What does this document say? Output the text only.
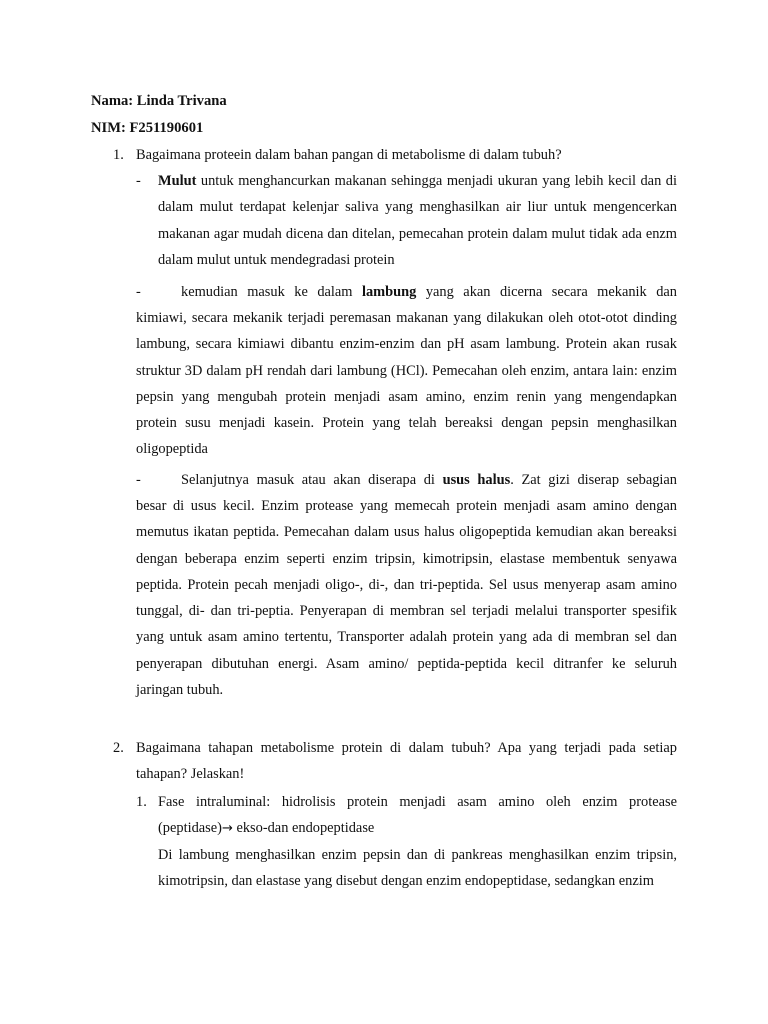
Nama: Linda Trivana
NIM: F251190601
1. Bagaimana proteein dalam bahan pangan di metabolisme di dalam tubuh?
- Mulut untuk menghancurkan makanan sehingga menjadi ukuran yang lebih kecil dan di dalam mulut terdapat kelenjar saliva yang menghasilkan air liur untuk mengencerkan makanan agar mudah dicena dan ditelan, pemecahan protein dalam mulut tidak ada enzm dalam mulut untuk mendegradasi protein
-	kemudian masuk ke dalam lambung yang akan dicerna secara mekanik dan
kimiawi, secara mekanik terjadi peremasan makanan yang dilakukan oleh otot-otot dinding lambung, secara kimiawi dibantu enzim-enzim dan pH asam lambung. Protein akan rusak struktur 3D dalam pH rendah dari lambung (HCl). Pemecahan oleh enzim, antara lain: enzim pepsin yang mengubah protein menjadi asam amino, enzim renin yang mengendapkan protein susu menjadi kasein. Protein yang telah bereaksi dengan pepsin menghasilkan oligopeptida
-	Selanjutnya masuk atau akan diserapa di usus halus. Zat gizi diserap sebagian
besar di usus kecil. Enzim protease yang memecah protein menjadi asam amino dengan memutus ikatan peptida. Pemecahan dalam usus halus oligopeptida kemudian akan bereaksi dengan beberapa enzim seperti enzim tripsin, kimotripsin, elastase membentuk senyawa peptida. Protein pecah menjadi oligo-, di-, dan tri-peptida. Sel usus menyerap asam amino tunggal, di- dan tri-peptia. Penyerapan di membran sel terjadi melalui transporter spesifik yang untuk asam amino tertentu, Transporter adalah protein yang ada di membran sel dan penyerapan dibutuhan energi. Asam amino/ peptida-peptida kecil ditranfer ke seluruh jaringan tubuh.
2. Bagaimana tahapan metabolisme protein di dalam tubuh? Apa yang terjadi pada setiap tahapan? Jelaskan!
1. Fase intraluminal: hidrolisis protein menjadi asam amino oleh enzim protease (peptidase)→ ekso-dan endopeptidase
Di lambung menghasilkan enzim pepsin dan di pankreas menghasilkan enzim tripsin, kimotripsin, dan elastase yang disebut dengan enzim endopeptidase, sedangkan enzim
